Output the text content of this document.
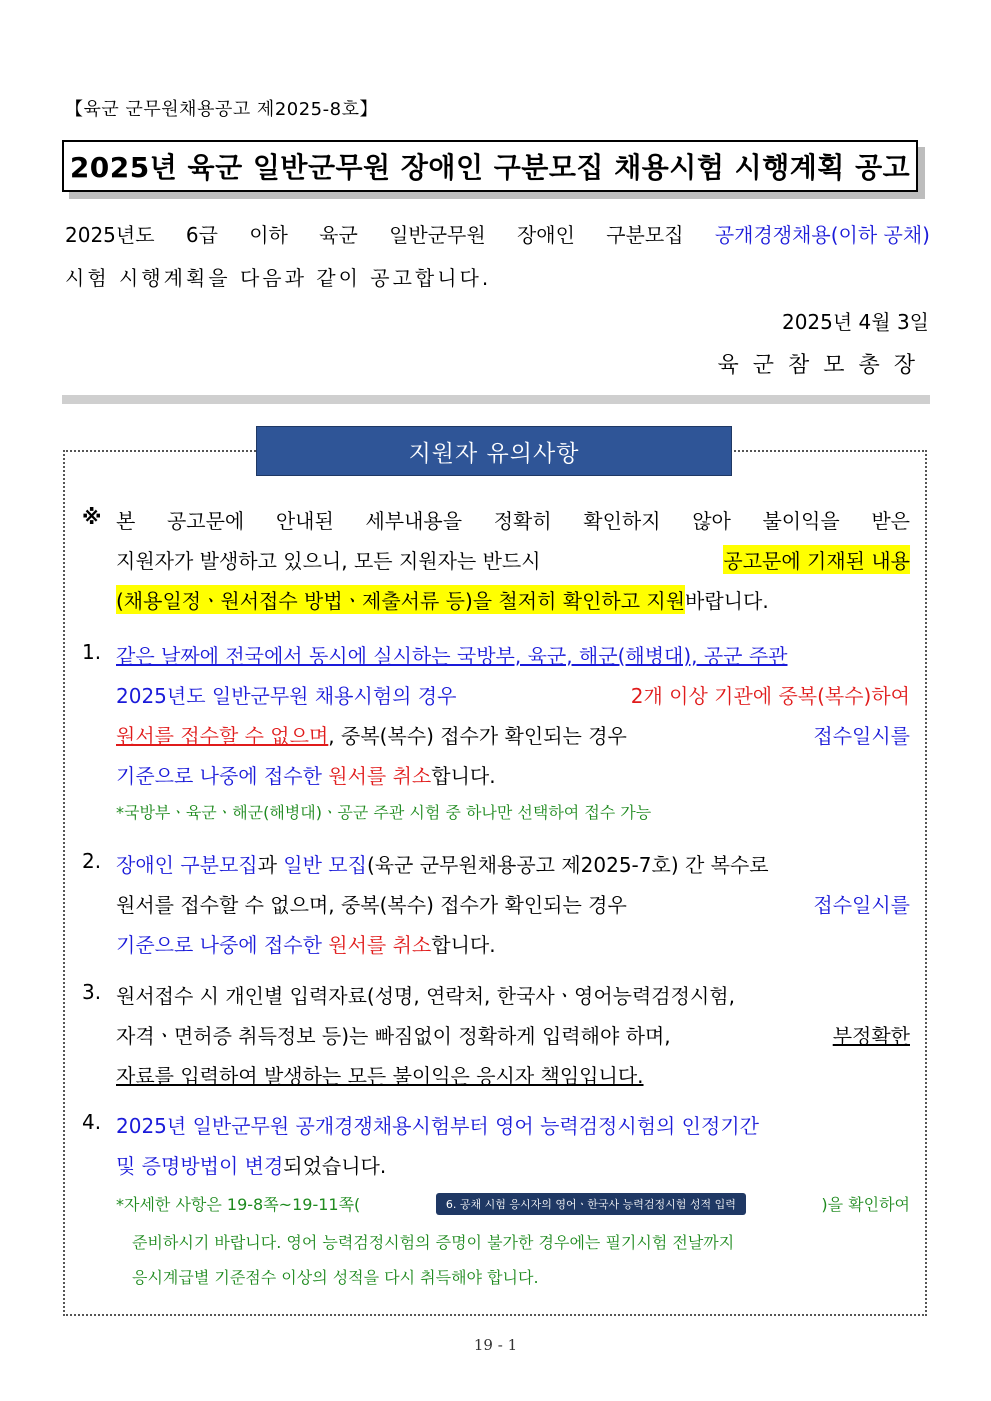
【육군 군무원채용공고 제2025-8호】
2025년 육군 일반군무원 장애인 구분모집 채용시험 시행계획 공고
2025년도 6급 이하 육군 일반군무원 장애인 구분모집 공개경쟁채용(이하 공채)
시험 시행계획을 다음과 같이 공고합니다.
2025년 4월 3일
육군참모총장
지원자 유의사항
※ 본 공고문에 안내된 세부내용을 정확히 확인하지 않아 불이익을 받은
지원자가 발생하고 있으니, 모든 지원자는 반드시	공고문에 기재된 내용
(채용일정ㆍ원서접수 방법ㆍ제출서류 등)을 철저히 확인하고 지원 바랍니다.
1. 같은 날짜에 전국에서 동시에 실시하는 국방부, 육군, 해군(해병대), 공군 주관
2025년도 일반군무원 채용시험의 경우	2개 이상 기관에 중복(복수)하여
원서를 접수할 수 없으며, 중복(복수) 접수가 확인되는 경우	접수일시를
기준으로 나중에 접수한
원서를 취소 합니다.
*국방부ㆍ육군ㆍ해군(해병대)ㆍ공군 주관 시험 중 하나만 선택하여 접수 가능
2. 장애인 구분모집 과
일반 모집 (육군 군무원채용공고 제2025-7호) 간 복수로
원서를 접수할 수 없으며, 중복(복수) 접수가 확인되는 경우	접수일시를
기준으로 나중에 접수한
원서를 취소 합니다.
3. 원서접수 시 개인별 입력자료(성명, 연락처, 한국사ㆍ영어능력검정시험,
자격ㆍ면허증 취득정보 등)는 빠짐없이 정확하게 입력해야 하며,	부정확한
자료를 입력하여 발생하는 모든 불이익은 응시자 책임입니다.
4. 2025년 일반군무원 공개경쟁채용시험부터 영어 능력검정시험의 인정기간
및 증명방법이 변경 되었습니다.
*자세한 사항은 19-8쪽~19-11쪽(	6. 공채 시험 응시자의 영어ㆍ한국사 능력검정시험 성적 입력	)을 확인하여
준비하시기 바랍니다. 영어 능력검정시험의 증명이 불가한 경우에는 필기시험 전날까지
응시계급별 기준점수 이상의 성적을 다시 취득해야 합니다.
19 - 1
